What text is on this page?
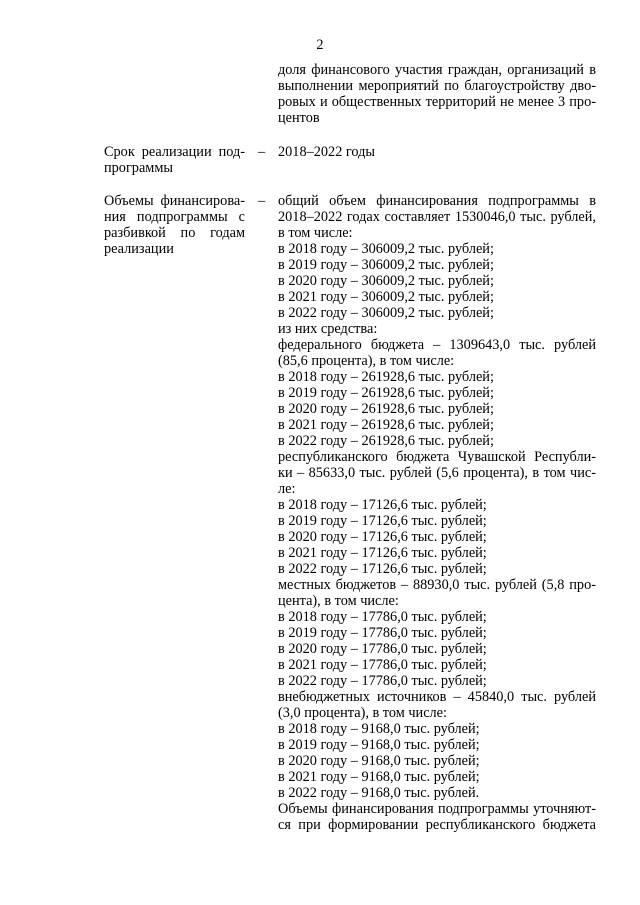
2
доля финансового участия граждан, организаций в
выполнении мероприятий по благоустройству дво-
ровых и общественных территорий не менее 3 про-
центов
Срок реализации под-
программы
– 2018–2022 годы
Объемы финансирова-
ния подпрограммы с
разбивкой по годам
реализации
– общий объем финансирования подпрограммы в
2018–2022 годах составляет 1530046,0 тыс. рублей,
в том числе:
в 2018 году – 306009,2 тыс. рублей;
в 2019 году – 306009,2 тыс. рублей;
в 2020 году – 306009,2 тыс. рублей;
в 2021 году – 306009,2 тыс. рублей;
в 2022 году – 306009,2 тыс. рублей;
из них средства:
федерального бюджета – 1309643,0 тыс. рублей
(85,6 процента), в том числе:
в 2018 году – 261928,6 тыс. рублей;
в 2019 году – 261928,6 тыс. рублей;
в 2020 году – 261928,6 тыс. рублей;
в 2021 году – 261928,6 тыс. рублей;
в 2022 году – 261928,6 тыс. рублей;
республиканского бюджета Чувашской Республи-
ки – 85633,0 тыс. рублей (5,6 процента), в том чис-
ле:
в 2018 году – 17126,6 тыс. рублей;
в 2019 году – 17126,6 тыс. рублей;
в 2020 году – 17126,6 тыс. рублей;
в 2021 году – 17126,6 тыс. рублей;
в 2022 году – 17126,6 тыс. рублей;
местных бюджетов – 88930,0 тыс. рублей (5,8 про-
цента), в том числе:
в 2018 году – 17786,0 тыс. рублей;
в 2019 году – 17786,0 тыс. рублей;
в 2020 году – 17786,0 тыс. рублей;
в 2021 году – 17786,0 тыс. рублей;
в 2022 году – 17786,0 тыс. рублей;
внебюджетных источников – 45840,0 тыс. рублей
(3,0 процента), в том числе:
в 2018 году – 9168,0 тыс. рублей;
в 2019 году – 9168,0 тыс. рублей;
в 2020 году – 9168,0 тыс. рублей;
в 2021 году – 9168,0 тыс. рублей;
в 2022 году – 9168,0 тыс. рублей.
Объемы финансирования подпрограммы уточняют-
ся при формировании республиканского бюджета
